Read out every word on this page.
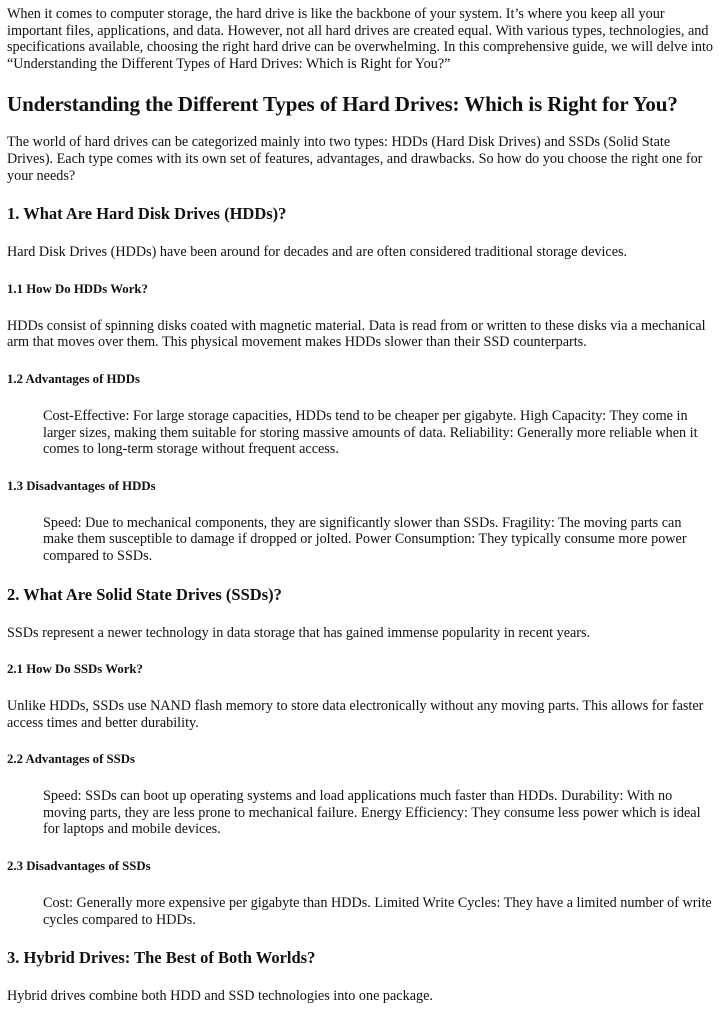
When it comes to computer storage, the hard drive is like the backbone of your system. It’s where you keep all your important files, applications, and data. However, not all hard drives are created equal. With various types, technologies, and specifications available, choosing the right hard drive can be overwhelming. In this comprehensive guide, we will delve into “Understanding the Different Types of Hard Drives: Which is Right for You?”

Understanding the Different Types of Hard Drives: Which is Right for You?

The world of hard drives can be categorized mainly into two types: HDDs (Hard Disk Drives) and SSDs (Solid State Drives). Each type comes with its own set of features, advantages, and drawbacks. So how do you choose the right one for your needs?

1. What Are Hard Disk Drives (HDDs)?

Hard Disk Drives (HDDs) have been around for decades and are often considered traditional storage devices.

1.1 How Do HDDs Work?

HDDs consist of spinning disks coated with magnetic material. Data is read from or written to these disks via a mechanical arm that moves over them. This physical movement makes HDDs slower than their SSD counterparts.

1.2 Advantages of HDDs

Cost-Effective: For large storage capacities, HDDs tend to be cheaper per gigabyte. High Capacity: They come in larger sizes, making them suitable for storing massive amounts of data. Reliability: Generally more reliable when it comes to long-term storage without frequent access.

1.3 Disadvantages of HDDs

Speed: Due to mechanical components, they are significantly slower than SSDs. Fragility: The moving parts can make them susceptible to damage if dropped or jolted. Power Consumption: They typically consume more power compared to SSDs.

2. What Are Solid State Drives (SSDs)?

SSDs represent a newer technology in data storage that has gained immense popularity in recent years.

2.1 How Do SSDs Work?

Unlike HDDs, SSDs use NAND flash memory to store data electronically without any moving parts. This allows for faster access times and better durability.

2.2 Advantages of SSDs

Speed: SSDs can boot up operating systems and load applications much faster than HDDs. Durability: With no moving parts, they are less prone to mechanical failure. Energy Efficiency: They consume less power which is ideal for laptops and mobile devices.

2.3 Disadvantages of SSDs

Cost: Generally more expensive per gigabyte than HDDs. Limited Write Cycles: They have a limited number of write cycles compared to HDDs.

3. Hybrid Drives: The Best of Both Worlds?

Hybrid drives combine both HDD and SSD technologies into one package.
